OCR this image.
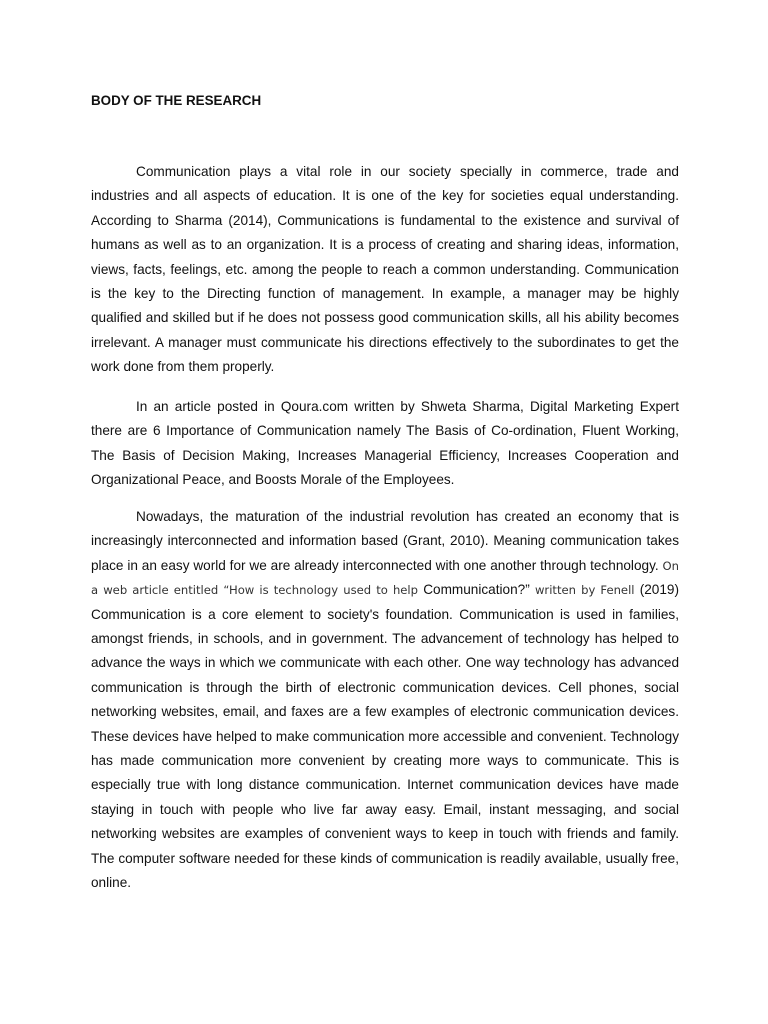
BODY OF THE RESEARCH

Communication plays a vital role in our society specially in commerce, trade and industries and all aspects of education. It is one of the key for societies equal understanding. According to Sharma (2014), Communications is fundamental to the existence and survival of humans as well as to an organization. It is a process of creating and sharing ideas, information, views, facts, feelings, etc. among the people to reach a common understanding. Communication is the key to the Directing function of management. In example, a manager may be highly qualified and skilled but if he does not possess good communication skills, all his ability becomes irrelevant. A manager must communicate his directions effectively to the subordinates to get the work done from them properly.

In an article posted in Qoura.com written by Shweta Sharma, Digital Marketing Expert there are 6 Importance of Communication namely The Basis of Co-ordination, Fluent Working, The Basis of Decision Making, Increases Managerial Efficiency, Increases Cooperation and Organizational Peace, and Boosts Morale of the Employees.

Nowadays, the maturation of the industrial revolution has created an economy that is increasingly interconnected and information based (Grant, 2010). Meaning communication takes place in an easy world for we are already interconnected with one another through technology. On a web article entitled “How is technology used to help Communication?” written by Fenell (2019) Communication is a core element to society's foundation. Communication is used in families, amongst friends, in schools, and in government. The advancement of technology has helped to advance the ways in which we communicate with each other. One way technology has advanced communication is through the birth of electronic communication devices. Cell phones, social networking websites, email, and faxes are a few examples of electronic communication devices. These devices have helped to make communication more accessible and convenient. Technology has made communication more convenient by creating more ways to communicate. This is especially true with long distance communication. Internet communication devices have made staying in touch with people who live far away easy. Email, instant messaging, and social networking websites are examples of convenient ways to keep in touch with friends and family. The computer software needed for these kinds of communication is readily available, usually free, online.
